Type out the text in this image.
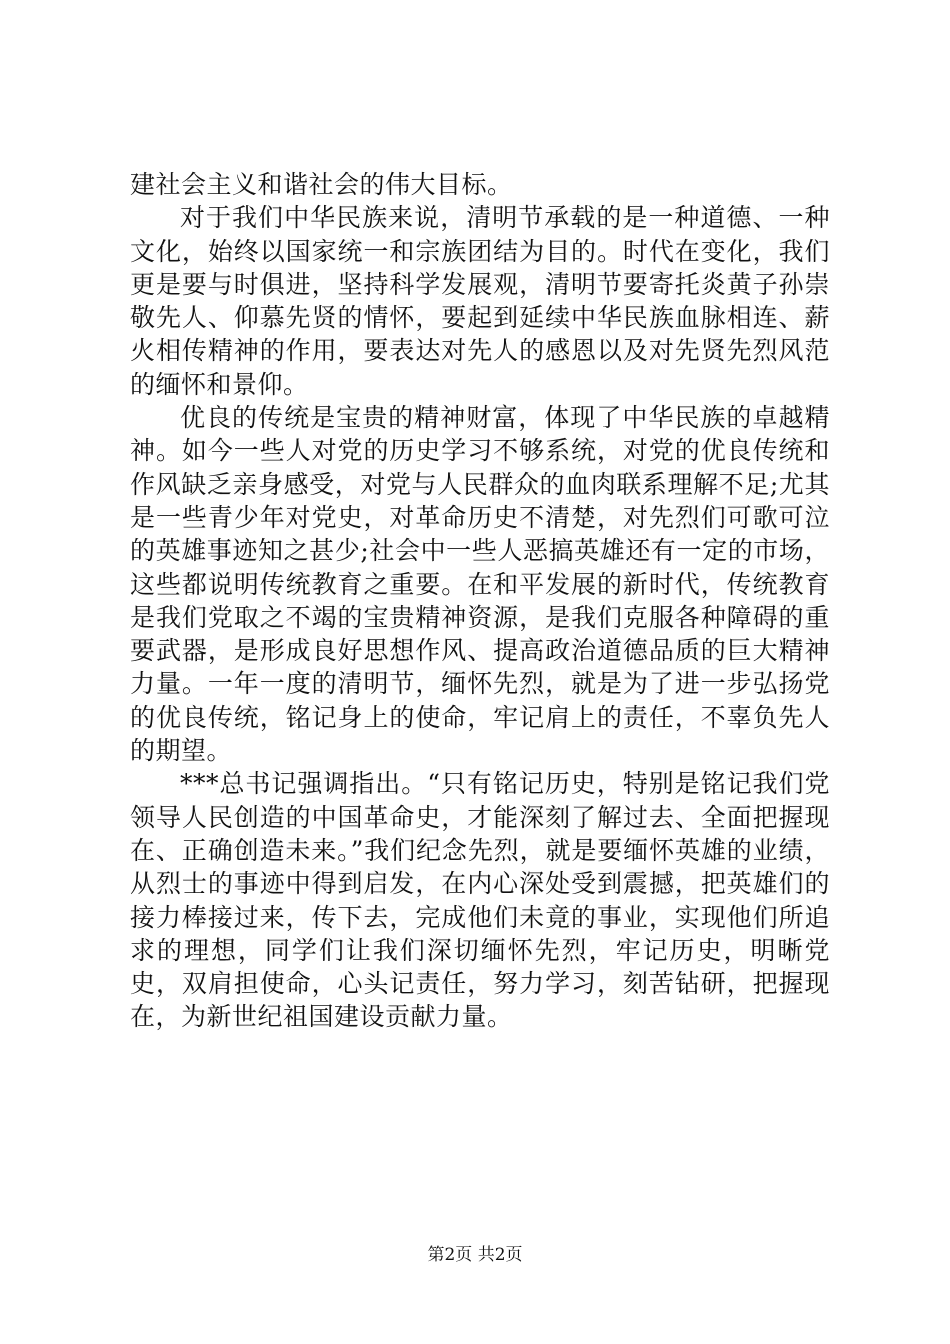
建社会主义和谐社会的伟大目标。

对于我们中华民族来说，清明节承载的是一种道德、一种文化，始终以国家统一和宗族团结为目的。时代在变化，我们更是要与时俱进，坚持科学发展观，清明节要寄托炎黄子孙崇敬先人、仰慕先贤的情怀，要起到延续中华民族血脉相连、薪火相传精神的作用，要表达对先人的感恩以及对先贤先烈风范的缅怀和景仰。

优良的传统是宝贵的精神财富，体现了中华民族的卓越精神。如今一些人对党的历史学习不够系统，对党的优良传统和作风缺乏亲身感受，对党与人民群众的血肉联系理解不足;尤其是一些青少年对党史，对革命历史不清楚，对先烈们可歌可泣的英雄事迹知之甚少;社会中一些人恶搞英雄还有一定的市场，这些都说明传统教育之重要。在和平发展的新时代，传统教育是我们党取之不竭的宝贵精神资源，是我们克服各种障碍的重要武器，是形成良好思想作风、提高政治道德品质的巨大精神力量。一年一度的清明节，缅怀先烈，就是为了进一步弘扬党的优良传统，铭记身上的使命，牢记肩上的责任，不辜负先人的期望。

***总书记强调指出。“只有铭记历史，特别是铭记我们党领导人民创造的中国革命史，才能深刻了解过去、全面把握现在、正确创造未来。”我们纪念先烈，就是要缅怀英雄的业绩，从烈士的事迹中得到启发，在内心深处受到震撼，把英雄们的接力棒接过来，传下去，完成他们未竟的事业，实现他们所追求的理想，同学们让我们深切缅怀先烈，牢记历史，明晰党史，双肩担使命，心头记责任，努力学习，刻苦钻研，把握现在，为新世纪祖国建设贡献力量。

第2页 共2页
